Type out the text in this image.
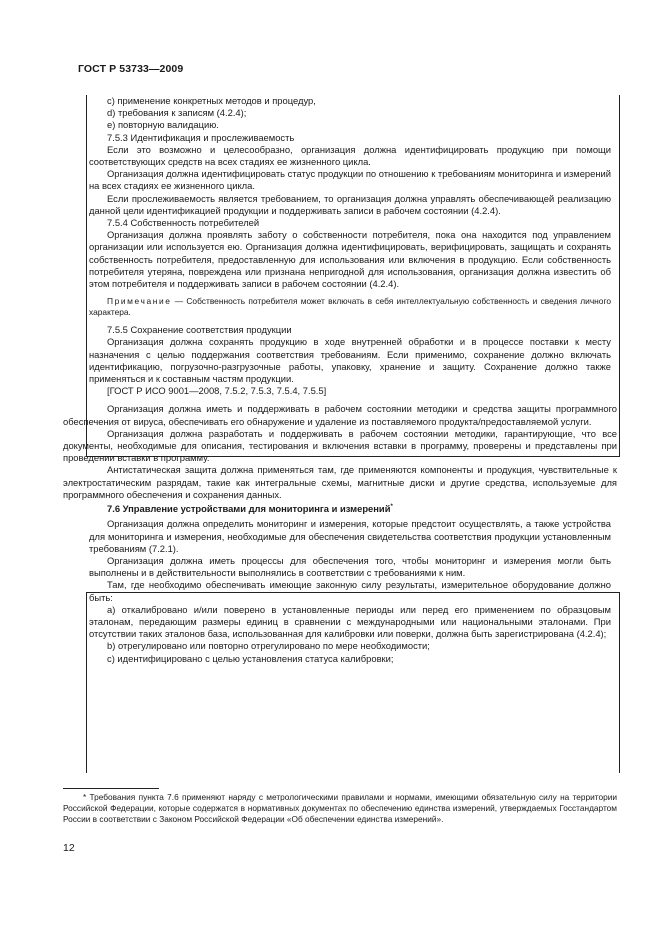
ГОСТ Р 53733—2009

c) применение конкретных методов и процедур,

d) требования к записям (4.2.4);

e) повторную валидацию.

7.5.3 Идентификация и прослеживаемость

Если это возможно и целесообразно, организация должна идентифицировать продукцию при помощи соответствующих средств на всех стадиях ее жизненного цикла.

Организация должна идентифицировать статус продукции по отношению к требованиям мониторинга и измерений на всех стадиях ее жизненного цикла.

Если прослеживаемость является требованием, то организация должна управлять обеспечивающей реализацию данной цели идентификацией продукции и поддерживать записи в рабочем состоянии (4.2.4).

7.5.4 Собственность потребителей

Организация должна проявлять заботу о собственности потребителя, пока она находится под управлением организации или используется ею. Организация должна идентифицировать, верифицировать, защищать и сохранять собственность потребителя, предоставленную для использования или включения в продукцию. Если собственность потребителя утеряна, повреждена или признана непригодной для использования, организация должна известить об этом потребителя и поддерживать записи в рабочем состоянии (4.2.4).

Примечание — Собственность потребителя может включать в себя интеллектуальную собственность и сведения личного характера.

7.5.5 Сохранение соответствия продукции

Организация должна сохранять продукцию в ходе внутренней обработки и в процессе поставки к месту назначения с целью поддержания соответствия требованиям. Если применимо, сохранение должно включать идентификацию, погрузочно-разгрузочные работы, упаковку, хранение и защиту. Сохранение должно также применяться и к составным частям продукции.

[ГОСТ Р ИСО 9001—2008, 7.5.2, 7.5.3, 7.5.4, 7.5.5]

Организация должна иметь и поддерживать в рабочем состоянии методики и средства защиты программного обеспечения от вируса, обеспечивать его обнаружение и удаление из поставляемого продукта/предоставляемой услуги.

Организация должна разработать и поддерживать в рабочем состоянии методики, гарантирующие, что все документы, необходимые для описания, тестирования и включения вставки в программу, проверены и представлены при проведении вставки в программу.

Антистатическая защита должна применяться там, где применяются компоненты и продукция, чувствительные к электростатическим разрядам, такие как интегральные схемы, магнитные диски и другие средства, используемые для программного обеспечения и сохранения данных.

7.6 Управление устройствами для мониторинга и измерений*

Организация должна определить мониторинг и измерения, которые предстоит осуществлять, а также устройства для мониторинга и измерения, необходимые для обеспечения свидетельства соответствия продукции установленным требованиям (7.2.1).

Организация должна иметь процессы для обеспечения того, чтобы мониторинг и измерения могли быть выполнены и в действительности выполнялись в соответствии с требованиями к ним.

Там, где необходимо обеспечивать имеющие законную силу результаты, измерительное оборудование должно быть:

a) откалибровано и/или поверено в установленные периоды или перед его применением по образцовым эталонам, передающим размеры единиц в сравнении с международными или национальными эталонами. При отсутствии таких эталонов база, использованная для калибровки или поверки, должна быть зарегистрирована (4.2.4);

b) отрегулировано или повторно отрегулировано по мере необходимости;

c) идентифицировано с целью установления статуса калибровки;

* Требования пункта 7.6 применяют наряду с метрологическими правилами и нормами, имеющими обязательную силу на территории Российской Федерации, которые содержатся в нормативных документах по обеспечению единства измерений, утверждаемых Госстандартом России в соответствии с Законом Российской Федерации «Об обеспечении единства измерений».

12
